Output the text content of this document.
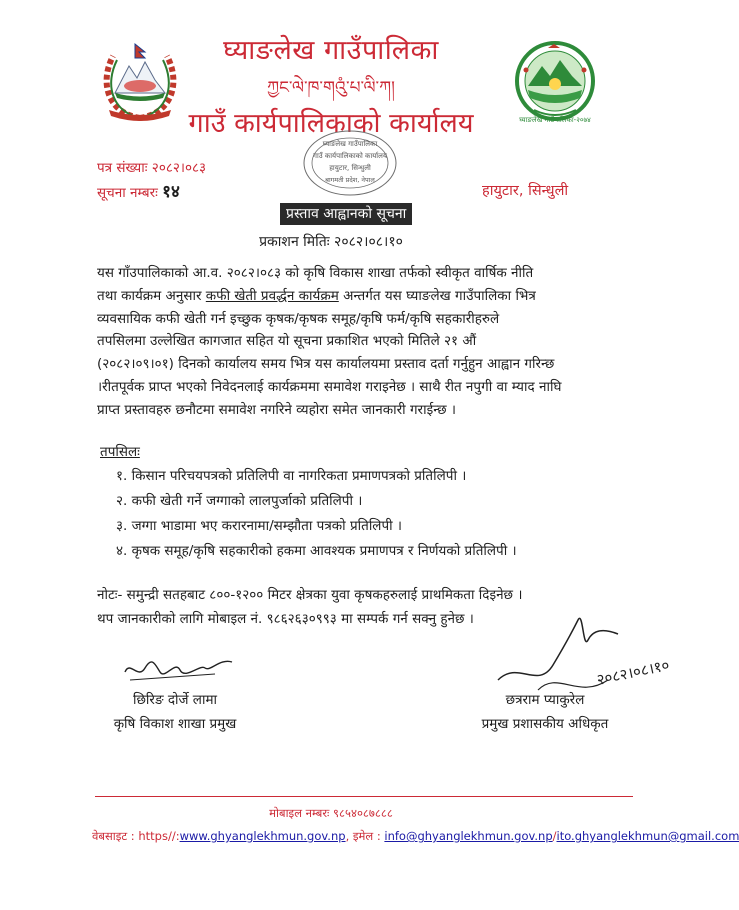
घ्याङलेख गाउँपालिका-२०७४
घ्याङलेख गाउँपालिका
ཀྱང་ལེ་ཁ་གའུཾ་པ་ལི་ཀ།
गाउँ कार्यपालिकाको कार्यालय
घ्याङलेख गाउँपालिका
गाउँ कार्यपालिकाको कार्यालय
हायुटार, सिन्धुली
बागमती प्रदेश, नेपाल
पत्र संख्याः २०८२।०८३
सूचना नम्बरः १४	हायुटार, सिन्धुली
प्रस्ताव आह्वानको सूचना
प्रकाशन मितिः २०८२।०८।१०
यस गाँउपालिकाको आ.व. २०८२।०८३ को कृषि विकास शाखा तर्फको स्वीकृत वार्षिक नीति
तथा कार्यक्रम अनुसार कफी खेती प्रवर्द्धन कार्यक्रम अन्तर्गत यस घ्याङलेख गाउँपालिका भित्र
व्यवसायिक कफी खेती गर्न इच्छुक कृषक/कृषक समूह/कृषि फर्म/कृषि सहकारीहरुले
तपसिलमा उल्लेखित कागजात सहित यो सूचना प्रकाशित भएको मितिले २१ औं
(२०८२।०९।०१) दिनको कार्यालय समय भित्र यस कार्यालयमा प्रस्ताव दर्ता गर्नुहुन आह्वान गरिन्छ
।रीतपूर्वक प्राप्त भएको निवेदनलाई कार्यक्रममा समावेश गराइनेछ । साथै रीत नपुगी वा म्याद नाघि
प्राप्त प्रस्तावहरु छनौटमा समावेश नगरिने व्यहोरा समेत जानकारी गराईन्छ ।
तपसिलः
१. किसान परिचयपत्रको प्रतिलिपी वा नागरिकता प्रमाणपत्रको प्रतिलिपी ।
२. कफी खेती गर्ने जग्गाको लालपुर्जाको प्रतिलिपी ।
३. जग्गा भाडामा भए करारनामा/सम्झौता पत्रको प्रतिलिपी ।
४. कृषक समूह/कृषि सहकारीको हकमा आवश्यक प्रमाणपत्र र निर्णयको प्रतिलिपी ।
नोटः- समुन्द्री सतहबाट ८००-१२०० मिटर क्षेत्रका युवा कृषकहरुलाई प्राथमिकता दिइनेछ ।
थप जानकारीको लागि मोबाइल नं. ९८६२६३०९९३ मा सम्पर्क गर्न सक्नु हुनेछ ।
२०८२।०८।१०
छिरिङ दोर्जे लामा
कृषि विकाश शाखा प्रमुख
छत्रराम प्याकुरेल
प्रमुख प्रशासकीय अधिकृत
मोबाइल नम्बरः ९८५४०८७८८८
वेबसाइट : https//:www.ghyanglekhmun.gov.np, इमेल : info@ghyanglekhmun.gov.np/ito.ghyanglekhmun@gmail.com
